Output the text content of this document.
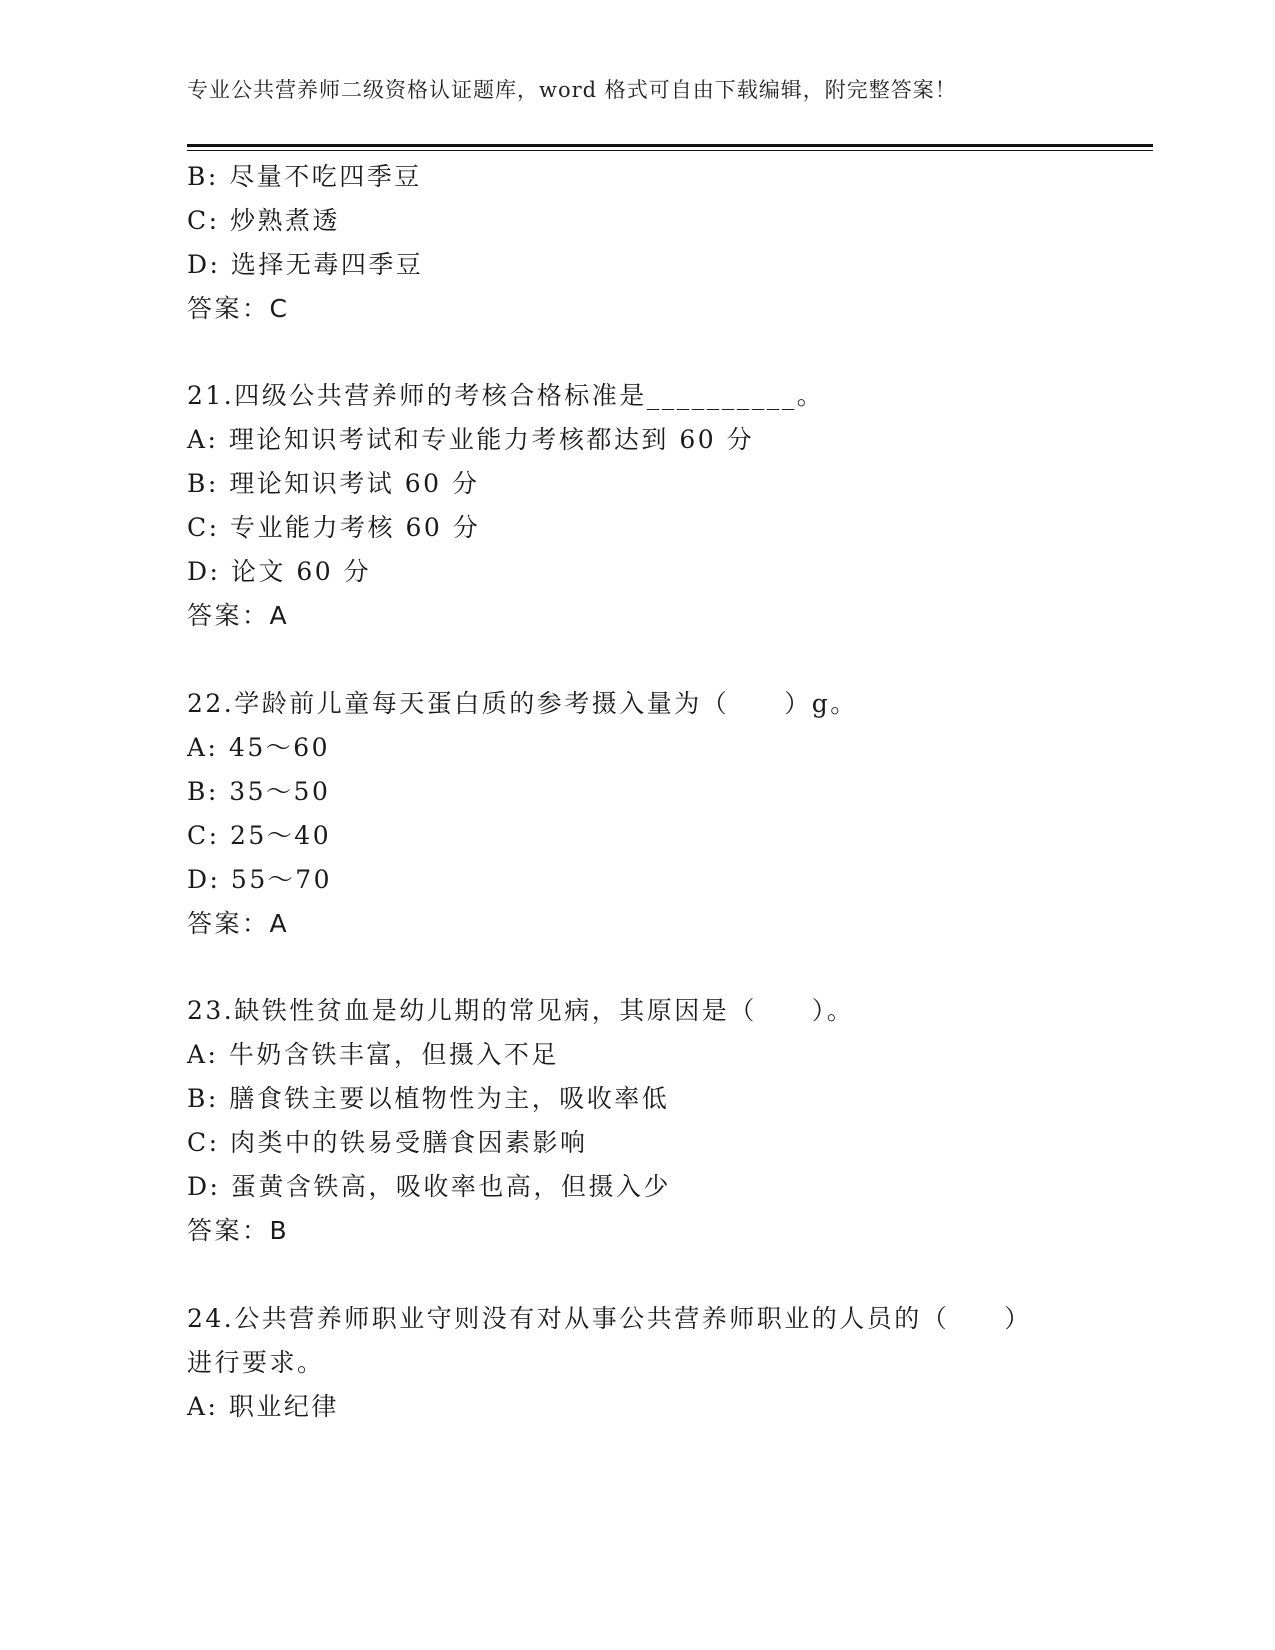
专业公共营养师二级资格认证题库，word 格式可自由下载编辑，附完整答案！
B: 尽量不吃四季豆
C: 炒熟煮透
D: 选择无毒四季豆
答案：C
21.四级公共营养师的考核合格标准是__________。
A: 理论知识考试和专业能力考核都达到 60 分
B: 理论知识考试 60 分
C: 专业能力考核 60 分
D: 论文 60 分
答案：A
22.学龄前儿童每天蛋白质的参考摄入量为（　　）g。
A: 45～60
B: 35～50
C: 25～40
D: 55～70
答案：A
23.缺铁性贫血是幼儿期的常见病，其原因是（　　）。
A: 牛奶含铁丰富，但摄入不足
B: 膳食铁主要以植物性为主，吸收率低
C: 肉类中的铁易受膳食因素影响
D: 蛋黄含铁高，吸收率也高，但摄入少
答案：B
24.公共营养师职业守则没有对从事公共营养师职业的人员的（　　）
进行要求。
A: 职业纪律
